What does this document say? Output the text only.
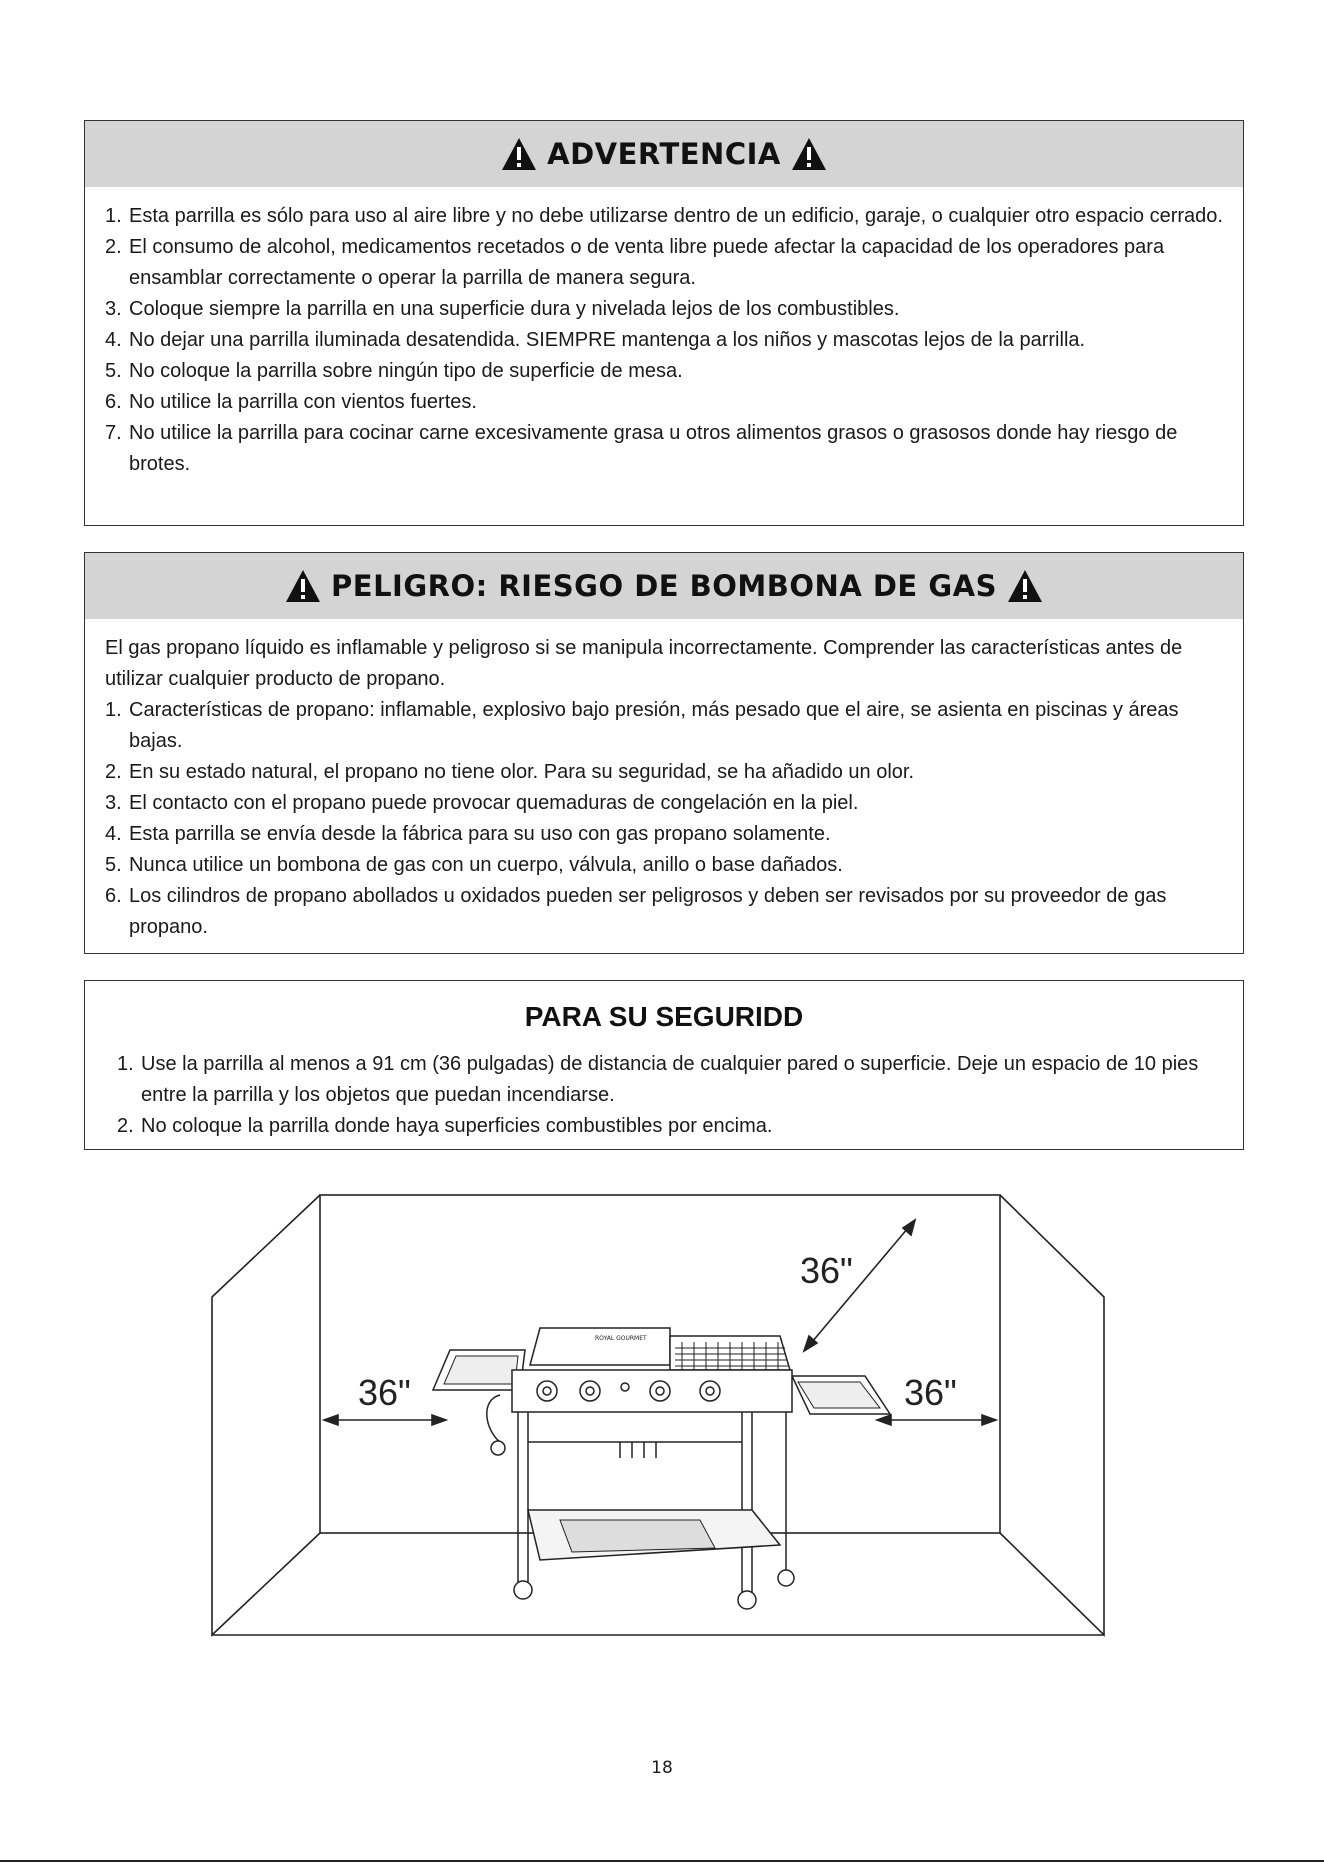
ADVERTENCIA
1. Esta parrilla es sólo para uso al aire libre y no debe utilizarse dentro de un edificio, garaje, o cualquier otro espacio cerrado.
2. El consumo de alcohol, medicamentos recetados o de venta libre puede afectar la capacidad de los operadores para ensamblar correctamente o operar la parrilla de manera segura.
3. Coloque siempre la parrilla en una superficie dura y nivelada lejos de los combustibles.
4. No dejar una parrilla iluminada desatendida. SIEMPRE mantenga a los niños y mascotas lejos de la parrilla.
5. No coloque la parrilla sobre ningún tipo de superficie de mesa.
6. No utilice la parrilla con vientos fuertes.
7. No utilice la parrilla para cocinar carne excesivamente grasa u otros alimentos grasos o grasosos donde hay riesgo de brotes.
PELIGRO: RIESGO DE BOMBONA DE GAS

El gas propano líquido es inflamable y peligroso si se manipula incorrectamente. Comprender las características antes de utilizar cualquier producto de propano.

1. Características de propano: inflamable, explosivo bajo presión, más pesado que el aire, se asienta en piscinas y áreas bajas.
2. En su estado natural, el propano no tiene olor. Para su seguridad, se ha añadido un olor.
3. El contacto con el propano puede provocar quemaduras de congelación en la piel.
4. Esta parrilla se envía desde la fábrica para su uso con gas propano solamente.
5. Nunca utilice un bombona de gas con un cuerpo, válvula, anillo o base dañados.
6. Los cilindros de propano abollados u oxidados pueden ser peligrosos y deben ser revisados por su proveedor de gas propano.
PARA SU SEGURIDD
1. Use la parrilla al menos a 91 cm (36 pulgadas) de distancia de cualquier pared o superficie. Deje un espacio de 10 pies entre la parrilla y los objetos que puedan incendiarse.
2. No coloque la parrilla donde haya superficies combustibles por encima.
ROYAL GOURMET
36"
36"	36"
18
